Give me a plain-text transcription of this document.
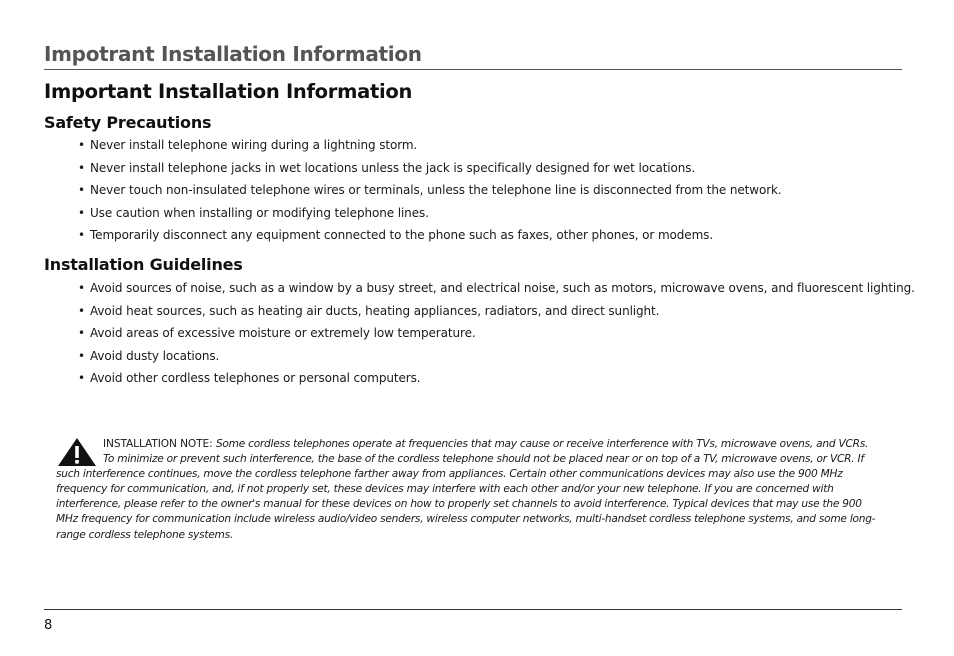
Impotrant Installation Information
Important Installation Information
Safety Precautions
• Never install telephone wiring during a lightning storm.
• Never install telephone jacks in wet locations unless the jack is specifically designed for wet locations.
• Never touch non-insulated telephone wires or terminals, unless the telephone line is disconnected from the network.
• Use caution when installing or modifying telephone lines.
• Temporarily disconnect any equipment connected to the phone such as faxes, other phones, or modems.
Installation Guidelines
• Avoid sources of noise, such as a window by a busy street, and electrical noise, such as motors, microwave ovens, and fluorescent lighting.
• Avoid heat sources, such as heating air ducts, heating appliances, radiators, and direct sunlight.
• Avoid areas of excessive moisture or extremely low temperature.
• Avoid dusty locations.
• Avoid other cordless telephones or personal computers.
INSTALLATION NOTE: Some cordless telephones operate at frequencies that may cause or receive interference with TVs, microwave ovens, and VCRs. To minimize or prevent such interference, the base of the cordless telephone should not be placed near or on top of a TV, microwave ovens, or VCR. If such interference continues, move the cordless telephone farther away from appliances. Certain other communications devices may also use the 900 MHz frequency for communication, and, if not properly set, these devices may interfere with each other and/or your new telephone. If you are concerned with interference, please refer to the owner's manual for these devices on how to properly set channels to avoid interference. Typical devices that may use the 900 MHz frequency for communication include wireless audio/video senders, wireless computer networks, multi-handset cordless telephone systems, and some long-range cordless telephone systems.
8
